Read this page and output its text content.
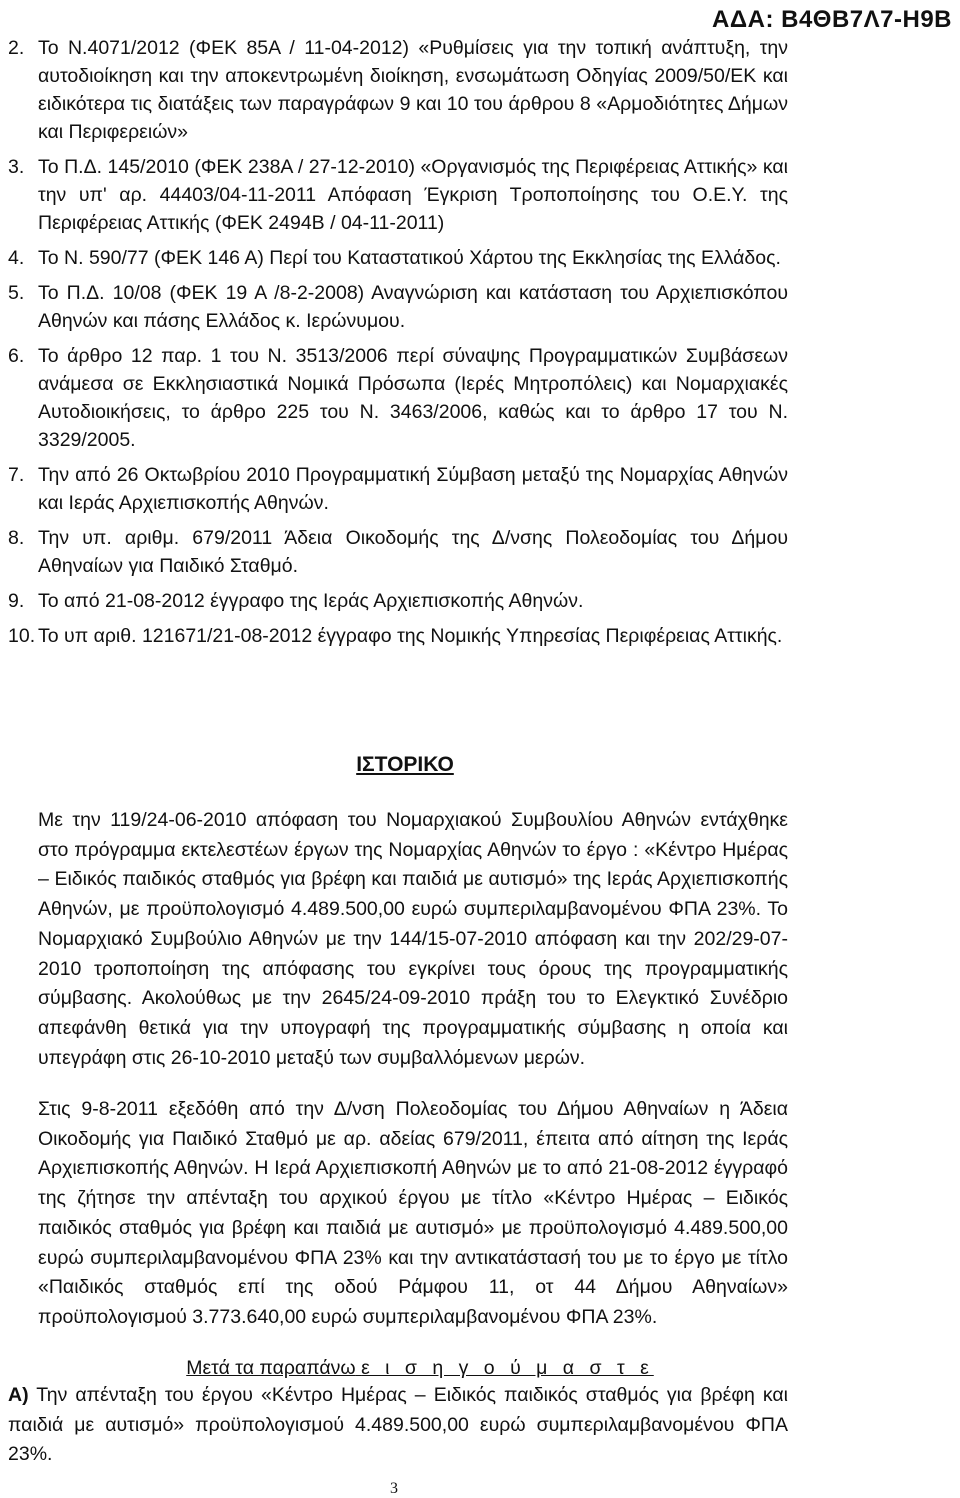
ΑΔΑ: Β4ΘΒ7Λ7-Η9Β
2. Το Ν.4071/2012 (ΦΕΚ 85Α / 11-04-2012) «Ρυθμίσεις για την τοπική ανάπτυξη, την αυτοδιοίκηση και την αποκεντρωμένη διοίκηση, ενσωμάτωση Οδηγίας 2009/50/ΕΚ και ειδικότερα τις διατάξεις των παραγράφων 9 και 10 του άρθρου 8 «Αρμοδιότητες Δήμων και Περιφερειών»
3. Το Π.Δ. 145/2010 (ΦΕΚ 238Α / 27-12-2010) «Οργανισμός της Περιφέρειας Αττικής» και την υπ' αρ. 44403/04-11-2011 Απόφαση Έγκριση Τροποποίησης του Ο.Ε.Υ. της Περιφέρειας Αττικής (ΦΕΚ 2494Β / 04-11-2011)
4. Το Ν. 590/77 (ΦΕΚ 146 Α) Περί του Καταστατικού Χάρτου της Εκκλησίας της Ελλάδος.
5. Το Π.Δ. 10/08 (ΦΕΚ 19 Α /8-2-2008) Αναγνώριση και κατάσταση του Αρχιεπισκόπου Αθηνών και πάσης Ελλάδος κ. Ιερώνυμου.
6. Το άρθρο 12 παρ. 1 του Ν. 3513/2006 περί σύναψης Προγραμματικών Συμβάσεων ανάμεσα σε Εκκλησιαστικά Νομικά Πρόσωπα (Ιερές Μητροπόλεις) και Νομαρχιακές Αυτοδιοικήσεις, το άρθρο 225 του Ν. 3463/2006, καθώς και το άρθρο 17 του Ν. 3329/2005.
7. Την από 26 Οκτωβρίου 2010 Προγραμματική Σύμβαση μεταξύ της Νομαρχίας Αθηνών και Ιεράς Αρχιεπισκοπής Αθηνών.
8. Την υπ. αριθμ. 679/2011 Άδεια Οικοδομής της Δ/νσης Πολεοδομίας του Δήμου Αθηναίων για Παιδικό Σταθμό.
9. Το από 21-08-2012 έγγραφο της Ιεράς Αρχιεπισκοπής Αθηνών.
10. Το υπ αριθ. 121671/21-08-2012 έγγραφο της Νομικής Υπηρεσίας Περιφέρειας Αττικής.
ΙΣΤΟΡΙΚΟ

Με την 119/24-06-2010 απόφαση του Νομαρχιακού Συμβουλίου Αθηνών εντάχθηκε στο πρόγραμμα εκτελεστέων έργων της Νομαρχίας Αθηνών το έργο : «Κέντρο Ημέρας – Ειδικός παιδικός σταθμός για βρέφη και παιδιά με αυτισμό» της Ιεράς Αρχιεπισκοπής Αθηνών, με προϋπολογισμό 4.489.500,00 ευρώ συμπεριλαμβανομένου ΦΠΑ 23%. Το Νομαρχιακό Συμβούλιο Αθηνών με την 144/15-07-2010 απόφαση και την 202/29-07-2010 τροποποίηση της απόφασης του εγκρίνει τους όρους της προγραμματικής σύμβασης. Ακολούθως με την 2645/24-09-2010 πράξη του το Ελεγκτικό Συνέδριο απεφάνθη θετικά για την υπογραφή της προγραμματικής σύμβασης η οποία και υπεγράφη στις 26-10-2010 μεταξύ των συμβαλλόμενων μερών.

Στις 9-8-2011 εξεδόθη από την Δ/νση Πολεοδομίας του Δήμου Αθηναίων η Άδεια Οικοδομής για Παιδικό Σταθμό με αρ. αδείας 679/2011, έπειτα από αίτηση της Ιεράς Αρχιεπισκοπής Αθηνών. Η Ιερά Αρχιεπισκοπή Αθηνών με το από 21-08-2012 έγγραφό της ζήτησε την απένταξη του αρχικού έργου με τίτλο «Κέντρο Ημέρας – Ειδικός παιδικός σταθμός για βρέφη και παιδιά με αυτισμό» με προϋπολογισμό 4.489.500,00 ευρώ συμπεριλαμβανομένου ΦΠΑ 23% και την αντικατάστασή του με το έργο με τίτλο «Παιδικός σταθμός επί της οδού Ράμφου 11, οτ 44 Δήμου Αθηναίων» προϋπολογισμού 3.773.640,00 ευρώ συμπεριλαμβανομένου ΦΠΑ 23%.

Μετά τα παραπάνω ε ι σ η γ ο ύ μ α σ τ ε

Α) Την απένταξη του έργου «Κέντρο Ημέρας – Ειδικός παιδικός σταθμός για βρέφη και παιδιά με αυτισμό» προϋπολογισμού 4.489.500,00 ευρώ συμπεριλαμβανομένου ΦΠΑ 23%.

3
